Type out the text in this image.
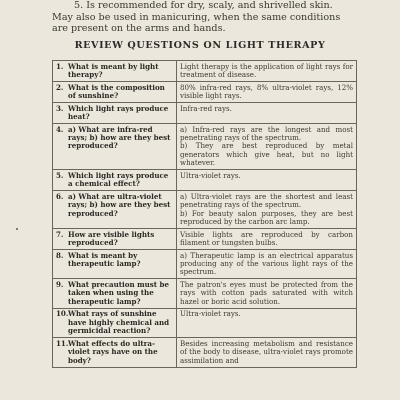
5. Is recommended for dry, scaly, and shrivelled skin.

May also be used in manicuring, when the same conditions

are present on the arms and hands.

REVIEW QUESTIONS ON LIGHT THERAPY
1. What is meant by light therapy?	Light therapy is the application of light rays for treatment of disease.

2. What is the composition of sunshine?	80% infra-red rays, 8% ultra-violet rays, 12% visible light rays.

3. Which light rays produce heat?	Infra-red rays.

4. a) What are infra-red rays; b) how are they best reproduced?	a) Infra-red rays are the longest and most penetrating rays of the spectrum.
b) They are best reproduced by metal generators which give heat, but no light whatever.

5. Which light rays produce a chemical effect?	Ultra-violet rays.

6. a) What are ultra-violet rays; b) how are they best reproduced?	a) Ultra-violet rays are the shortest and least penetrating rays of the spectrum.
b) For beauty salon purposes, they are best reproduced by the carbon arc lamp.

7. How are visible lights reproduced?	Visible lights are reproduced by carbon filament or tungsten bulbs.

8. What is meant by therapeutic lamp?	a) Therapeutic lamp is an electrical apparatus producing any of the various light rays of the spectrum.

9. What precaution must be taken when using the therapeutic lamp?	The patron's eyes must be protected from the rays with cotton pads saturated with witch hazel or boric acid solution.

10.What rays of sunshine have highly chemical and germicidal reaction?	Ultra-violet rays.

11.What effects do ultra-violet rays have on the body?	Besides increasing metabolism and resistance of the body to disease, ultra-violet rays promote assimilation and
